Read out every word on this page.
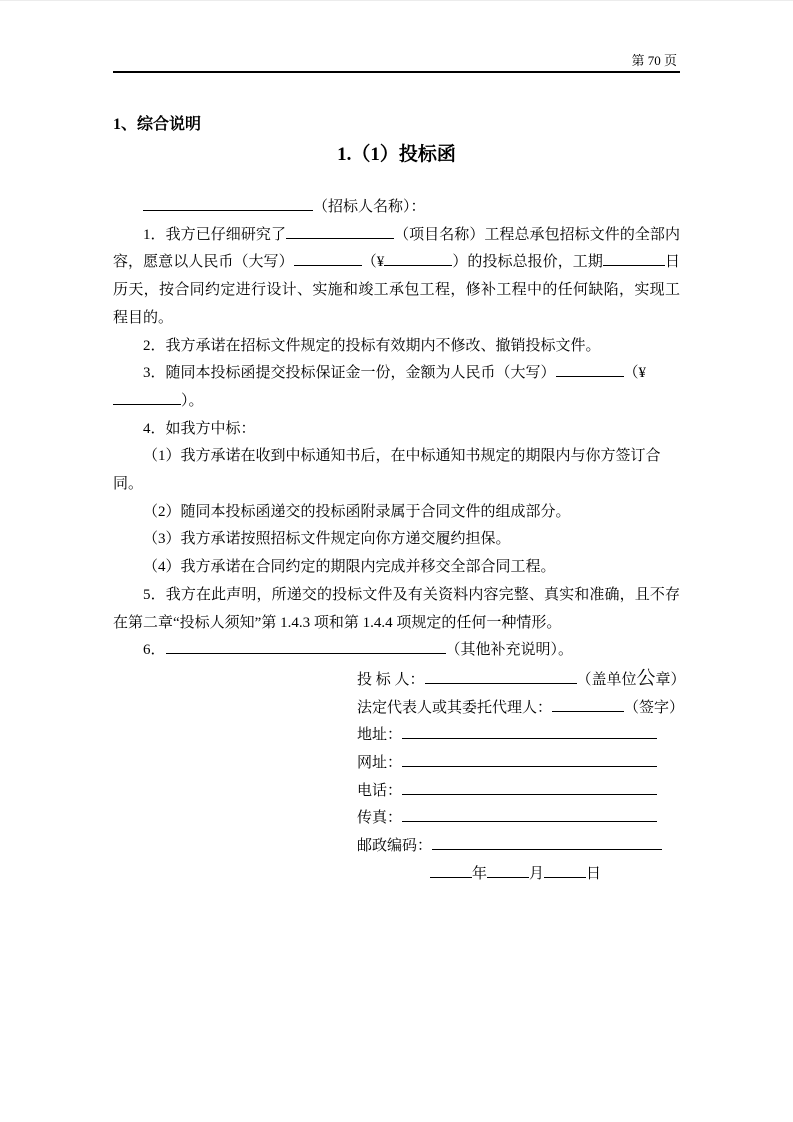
第 70 页
1、综合说明
1.（1）投标函

（招标人名称）：

1．我方已仔细研究了	（项目名称）工程总承包招标文件的全部内容，愿意以人民币（大写）	（¥	）的投标总报价，工期	日历天，按合同约定进行设计、实施和竣工承包工程，修补工程中的任何缺陷，实现工程目的。

2．我方承诺在招标文件规定的投标有效期内不修改、撤销投标文件。

3．随同本投标函提交投标保证金一份，金额为人民币（大写）	（¥）。

4．如我方中标：

（1）我方承诺在收到中标通知书后，在中标通知书规定的期限内与你方签订合同。

（2）随同本投标函递交的投标函附录属于合同文件的组成部分。

（3）我方承诺按照招标文件规定向你方递交履约担保。

（4）我方承诺在合同约定的期限内完成并移交全部合同工程。

5．我方在此声明，所递交的投标文件及有关资料内容完整、真实和准确，且不存在第二章“投标人须知”第 1.4.3 项和第 1.4.4 项规定的任何一种情形。

6．	（其他补充说明）。

投 标 人：	（盖单位公章）
法定代表人或其委托代理人：	（签字）
地址：
网址：
电话：
传真：
邮政编码：
年	月	日
